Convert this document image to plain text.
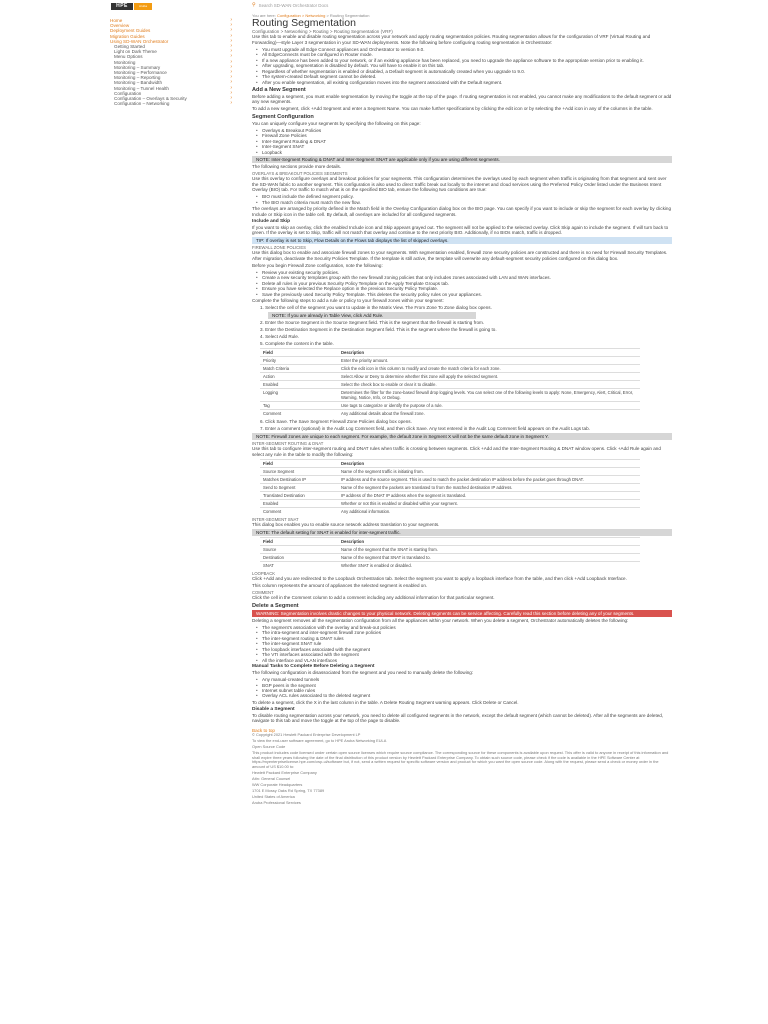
HPE	Aruba
Home	›
Overview	›
Deployment Guides	›
Migration Guides	›
Using SD-WAN Orchestrator	›
Getting Started	›
Light on Dark Theme	›
Menu Options	›
Monitoring	›
Monitoring – Summary	›
Monitoring – Performance	›
Monitoring – Reporting	›
Monitoring – Bandwidth	›
Monitoring – Tunnel Health	›
Configuration	›
Configuration – Overlays & Security	›
Configuration – Networking	›
⚲ Search SD-WAN Orchestrator Docs
You are here: Configuration > Networking > Routing Segmentation
Routing Segmentation
Configuration > Networking > Routing > Routing Segmentation (VRF)

Use this tab to enable and disable routing segmentation across your network and apply routing segmentation policies. Routing segmentation allows for the configuration of VRF (Virtual Routing and Forwarding)—style Layer 3 segmentation in your SD-WAN deployments. Note the following before configuring routing segmentation in Orchestrator:

• You must upgrade all Edge Connect appliances and Orchestrator to version 9.0.
• All EdgeConnects must be configured in Router mode.
• If a new appliance has been added to your network, or if an existing appliance has been replaced, you need to upgrade the appliance software to the appropriate version prior to enabling it.
• After upgrading, segmentation is disabled by default. You will have to enable it on this tab.
• Regardless of whether segmentation is enabled or disabled, a Default segment is automatically created when you upgrade to 9.0.
• The system-created Default segment cannot be deleted.
• After you enable segmentation, all existing configuration moves into the segment associated with the Default segment.
Add a New Segment

Before adding a segment, you must enable segmentation by moving the toggle at the top of the page. If routing segmentation is not enabled, you cannot make any modifications to the default segment or add any new segments.

To add a new segment, click +Add Segment and enter a Segment Name. You can make further specifications by clicking the edit icon or by selecting the +Add icon in any of the columns in the table.

Segment Configuration

You can uniquely configure your segments by specifying the following on this page:

• Overlays & Breakout Policies
• Firewall Zone Policies
• Inter-Segment Routing & DNAT
• Inter-Segment SNAT
• Loopback
NOTE: Inter-Segment Routing & DNAT and Inter-Segment SNAT are applicable only if you are using different segments.

The following sections provide more details.

OVERLAYS & BREAKOUT POLICIES SEGMENTS

Use this overlay to configure overlays and breakout policies for your segments. This configuration determines the overlays used by each segment when traffic is originating from that segment and sent over the SD-WAN fabric to another segment. This configuration is also used to direct traffic break out locally to the internet and cloud services using the Preferred Policy Order listed under the Business Intent Overlay (BIO) tab. For traffic to match what is on the specified BIO tab, ensure the following two conditions are true:

• BIO must include the defined segment policy.
• The BIO match criteria must match the new flow.

The overlays are arranged by priority defined in the Match field in the Overlay Configuration dialog box on the BIO page. You can specify if you want to include or skip the segment for each overlay by clicking Include or Skip icon in the table cell. By default, all overlays are included for all configured segments.

Include and Skip

If you want to skip an overlay, click the enabled Include icon and Skip appears grayed out. The segment will not be applied to the selected overlay. Click Skip again to include the segment. If will turn back to green. If the overlay is set to Skip, traffic will not match that overlay and continue to the next priority BIO. Additionally, if no BIOs match, traffic is dropped.

TIP: If overlay is set to Skip, Flow Details on the Flows tab displays the list of skipped overlays.
FIREWALL ZONE POLICIES

Use this dialog box to enable and associate firewall zones to your segments. With segmentation enabled, firewall zone security policies are constructed and there is no need for Firewall Security Templates. After migration, deactivate the Security Policies Template. If the template is still active, the template will overwrite any default-segment security policies configured on this dialog box.

Before you begin Firewall Zone configuration, note the following:

• Review your existing security policies.
• Create a new security templates group with the new firewall zoning policies that only includes zones associated with LAN and WAN interfaces.
• Delete all rules in your previous Security Policy Template on the Apply Template Groups tab.
• Ensure you have selected the Replace option in the previous Security Policy Template.
• Save the previously used Security Policy Template. This deletes the security policy rules on your appliances.

Complete the following steps to add a rule or policy to your firewall zones within your segment:

1. Select the cell of the segment you want to update in the Matrix View. The From Zone To Zone dialog box opens.

NOTE: If you are already in Table View, click Add Rule.

2. Enter the Source Segment in the Source Segment field. This is the segment that the firewall is starting from.

3. Enter the Destination Segment in the Destination Segment field. This is the segment where the firewall is going to.

4. Select Add Rule.

5. Complete the content in the table.

Field	Description
Priority	Enter the priority amount.
Match Criteria	Click the edit icon in this column to modify and create the match criteria for each zone.
Action	Select Allow or Deny to determine whether this zone will apply the selected segment.
Enabled	Select the check box to enable or clear it to disable.
Logging	Determines the filter for the zone-based firewall drop logging levels. You can select one of the following levels to apply: None, Emergency, Alert, Critical, Error, Warning, Notice, Info, or Debug.
Tag	Use tags to categorize or identify the purpose of a rule.
Comment	Any additional details about the firewall zone.

6. Click Save. The Save Segment Firewall Zone Policies dialog box opens.

7. Enter a comment (optional) in the Audit Log Comment field, and then click Save. Any text entered in the Audit Log Comment field appears on the Audit Logs tab.

NOTE: Firewall zones are unique to each segment. For example, the default zone in Segment X will not be the same default zone in Segment Y.
INTER-SEGMENT ROUTING & DNAT

Use this tab to configure inter-segment routing and DNAT rules when traffic is crossing between segments. Click +Add and the Inter-Segment Routing & DNAT window opens. Click +Add Rule again and select any rule in the table to modify the following:

Field	Description
Source Segment	Name of the segment traffic is initiating from.
Matches Destination IP	IP address and the source segment. This is used to match the packet destination IP address before the packet goes through DNAT.
Send to Segment	Name of the segment the packets are translated to from the matched destination IP address.
Translated Destination	IP address of the DNAT IP address when the segment is translated.
Enabled	Whether or not this is enabled or disabled within your segment.
Comment	Any additional information.
INTER-SEGMENT SNAT

This dialog box enables you to enable source network address translation to your segments.

NOTE: The default setting for SNAT is enabled for inter-segment traffic.
Field	Description
Source	Name of the segment that the SNAT is starting from.
Destination	Name of the segment that SNAT is translated to.
SNAT	Whether SNAT is enabled or disabled.
LOOPBACK

Click +Add and you are redirected to the Loopback Orchestration tab. Select the segment you want to apply a loopback interface from the table, and then click +Add Loopback Interface.

This column represents the amount of appliances the selected segment is enabled on.

COMMENT

Click the cell in the Comment column to add a comment including any additional information for that particular segment.

Delete a Segment
WARNING: Segmentation involves drastic changes to your physical network. Deleting segments can be service affecting. Carefully read this section before deleting any of your segments.

Deleting a segment removes all the segmentation configuration from all the appliances within your network. When you delete a segment, Orchestrator automatically deletes the following:

• The segment's association with the overlay and break-out policies
• The intra-segment and inter-segment firewall zone policies
• The inter-segment routing & DNAT rules
• The inter-segment SNAT rule
• The loopback interfaces associated with the segment
• The VTI interfaces associated with the segment
• All the interface and VLAN interfaces
Manual Tasks to Complete Before Deleting a Segment

The following configuration is disassociated from the segment and you need to manually delete the following:

• Any manual-created tunnels
• BGP peers in the segment
• Internet subnet table rules
• Overlay ACL rules associated to the deleted segment

To delete a segment, click the X in the last column in the table. A Delete Routing Segment warning appears. Click Delete or Cancel.

Disable a Segment

To disable routing segmentation across your network, you need to delete all configured segments in the network, except the default segment (which cannot be deleted). After all the segments are deleted, navigate to this tab and move the toggle at the top of the page to disable.

Back to top

© Copyright 2021 Hewlett Packard Enterprise Development LP

To view the end-user software agreement, go to HPE Aruba Networking EULA

Open Source Code

This product includes code licensed under certain open source licenses which require source compliance. The corresponding source for these components is available upon request. This offer is valid to anyone in receipt of this information and shall expire three years following the date of the final distribution of this product version by Hewlett Packard Enterprise Company. To obtain such source code, please check if the code is available in the HPE Software Center at https://myenterpriselicense.hpe.com/cwp-ui/software but, if not, send a written request for specific software version and product for which you want the open source code. Along with the request, please send a check or money order in the amount of US $10.00 to:

Hewlett Packard Enterprise Company

Attn: General Counsel

WW Corporate Headquarters

1701 E Mossy Oaks Rd Spring, TX 77389

United States of America

Aruba Professional Services
